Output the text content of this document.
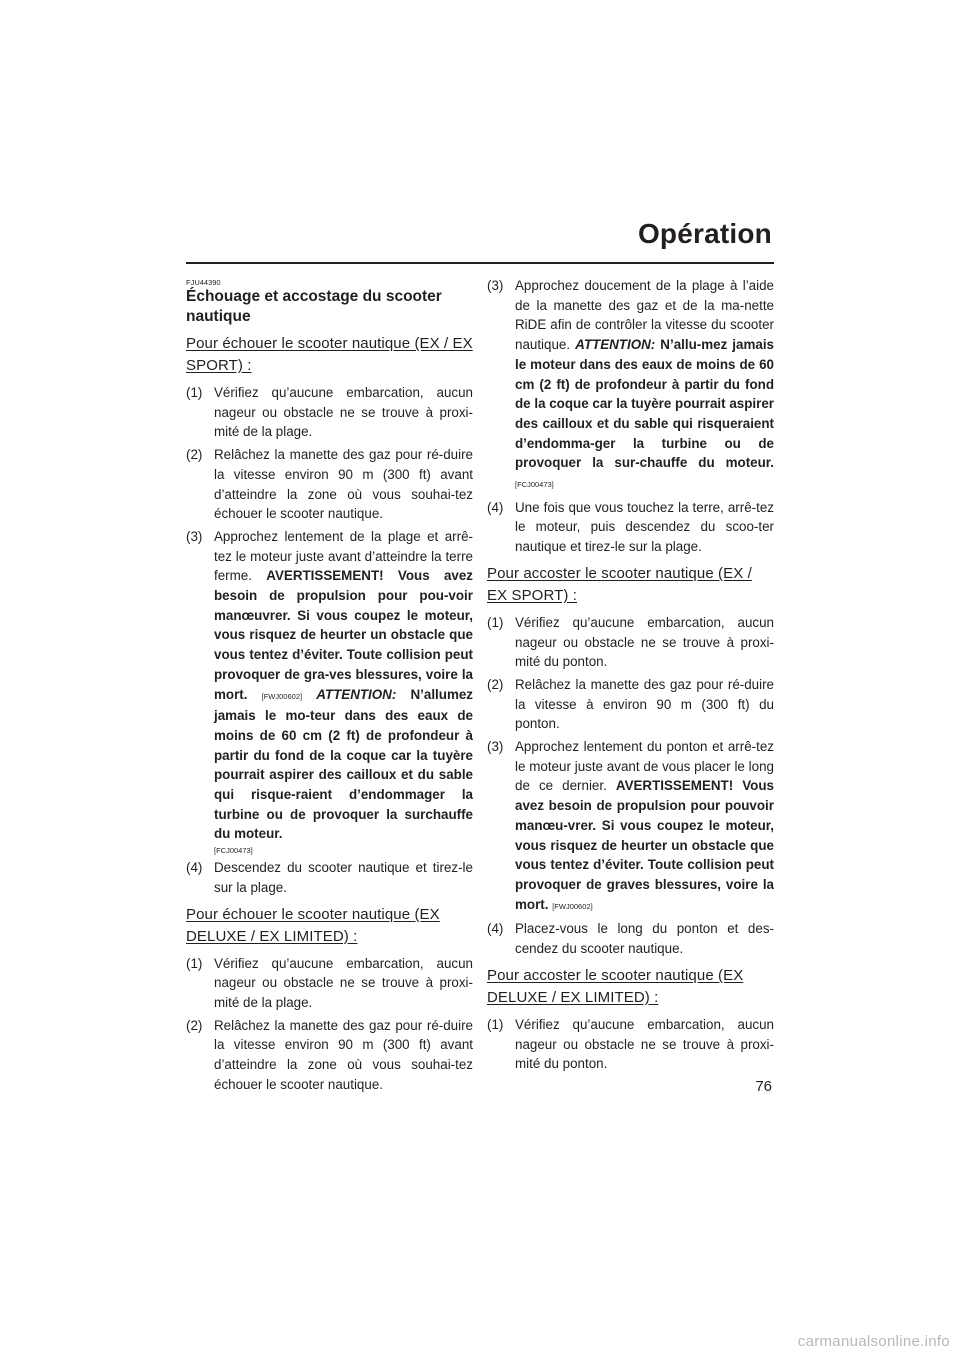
Opération
FJU44390
Échouage et accostage du scooter nautique
Pour échouer le scooter nautique (EX / EX SPORT) :
(1) Vérifiez qu’aucune embarcation, aucun nageur ou obstacle ne se trouve à proxi-mité de la plage.
(2) Relâchez la manette des gaz pour ré-duire la vitesse environ 90 m (300 ft) avant d’atteindre la zone où vous souhai-tez échouer le scooter nautique.
(3) Approchez lentement de la plage et arrê-tez le moteur juste avant d’atteindre la terre ferme. AVERTISSEMENT! Vous avez besoin de propulsion pour pou-voir manœuvrer. Si vous coupez le moteur, vous risquez de heurter un obstacle que vous tentez d’éviter. Toute collision peut provoquer de gra-ves blessures, voire la mort. [FWJ00602] ATTENTION: N’allumez jamais le mo-teur dans des eaux de moins de 60 cm (2 ft) de profondeur à partir du fond de la coque car la tuyère pourrait aspirer des cailloux et du sable qui risque-raient d’endommager la turbine ou de provoquer la surchauffe du moteur.
[FCJ00473]
(4) Descendez du scooter nautique et tirez-le sur la plage.
Pour échouer le scooter nautique (EX DELUXE / EX LIMITED) :
(1) Vérifiez qu’aucune embarcation, aucun nageur ou obstacle ne se trouve à proxi-mité de la plage.
(2) Relâchez la manette des gaz pour ré-duire la vitesse environ 90 m (300 ft) avant d’atteindre la zone où vous souhai-tez échouer le scooter nautique.
(3) Approchez doucement de la plage à l’aide de la manette des gaz et de la ma-nette RiDE afin de contrôler la vitesse du scooter nautique. ATTENTION: N’allu-mez jamais le moteur dans des eaux de moins de 60 cm (2 ft) de profondeur à partir du fond de la coque car la tuyère pourrait aspirer des cailloux et du sable qui risqueraient d’endomma-ger la turbine ou de provoquer la sur-chauffe du moteur. [FCJ00473]
(4) Une fois que vous touchez la terre, arrê-tez le moteur, puis descendez du scoo-ter nautique et tirez-le sur la plage.
Pour accoster le scooter nautique (EX / EX SPORT) :
(1) Vérifiez qu’aucune embarcation, aucun nageur ou obstacle ne se trouve à proxi-mité du ponton.
(2) Relâchez la manette des gaz pour ré-duire la vitesse à environ 90 m (300 ft) du ponton.
(3) Approchez lentement du ponton et arrê-tez le moteur juste avant de vous placer le long de ce dernier. AVERTISSEMENT! Vous avez besoin de propulsion pour pouvoir manœu-vrer. Si vous coupez le moteur, vous risquez de heurter un obstacle que vous tentez d’éviter. Toute collision peut provoquer de graves blessures, voire la mort. [FWJ00602]
(4) Placez-vous le long du ponton et des-cendez du scooter nautique.
Pour accoster le scooter nautique (EX DELUXE / EX LIMITED) :
(1) Vérifiez qu’aucune embarcation, aucun nageur ou obstacle ne se trouve à proxi-mité du ponton.
76
carmanualsonline.info
